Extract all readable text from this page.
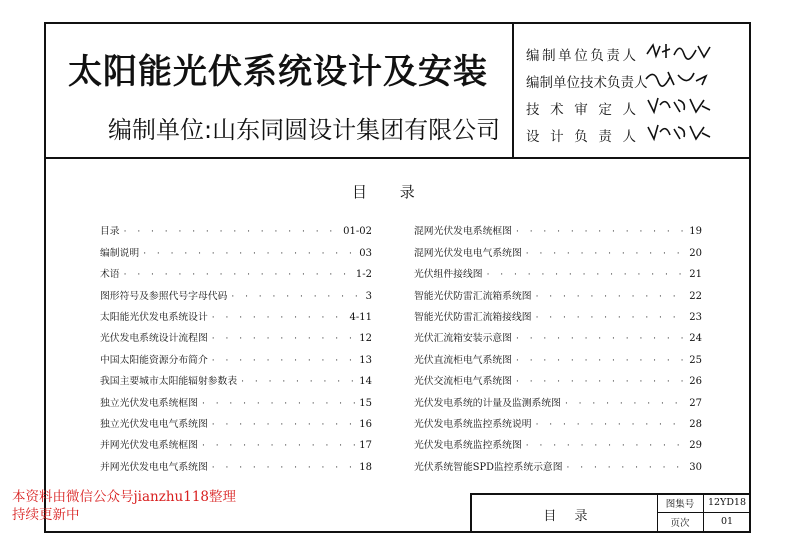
太阳能光伏系统设计及安装
编制单位:山东同圆设计集团有限公司
编制单位负责人
编制单位技术负责人
技术审定人
设计负责人
目 录
目录 · · ·	01-02
编制说明 · · ·	03
术语 · · ·	1-2
图形符号及参照代号字母代码 · · ·	3
太阳能光伏发电系统设计 · · ·	4-11
光伏发电系统设计流程图 · · ·	12
中国太阳能资源分布简介 · · ·	13
我国主要城市太阳能辐射参数表 · · ·	14
独立光伏发电系统框图 · · ·	15
独立光伏发电电气系统图 · · ·	16
并网光伏发电系统框图 · · ·	17
并网光伏发电电气系统图 · · ·	18
混网光伏发电系统框图 · · ·	19
混网光伏发电电气系统图 · · ·	20
光伏组件接线图 · · ·	21
智能光伏防雷汇流箱系统图 · · ·	22
智能光伏防雷汇流箱接线图 · · ·	23
光伏汇流箱安装示意图 · · ·	24
光伏直流柜电气系统图 · · ·	25
光伏交流柜电气系统图 · · ·	26
光伏发电系统的计量及监测系统图 · · ·	27
光伏发电系统监控系统说明 · · ·	28
光伏发电系统监控系统图 · · ·	29
光伏系统智能SPD监控系统示意图 · · ·	30
本资料由微信公众号jianzhu118整理
持续更新中	目 录
图集号	12YD18
页次	01
